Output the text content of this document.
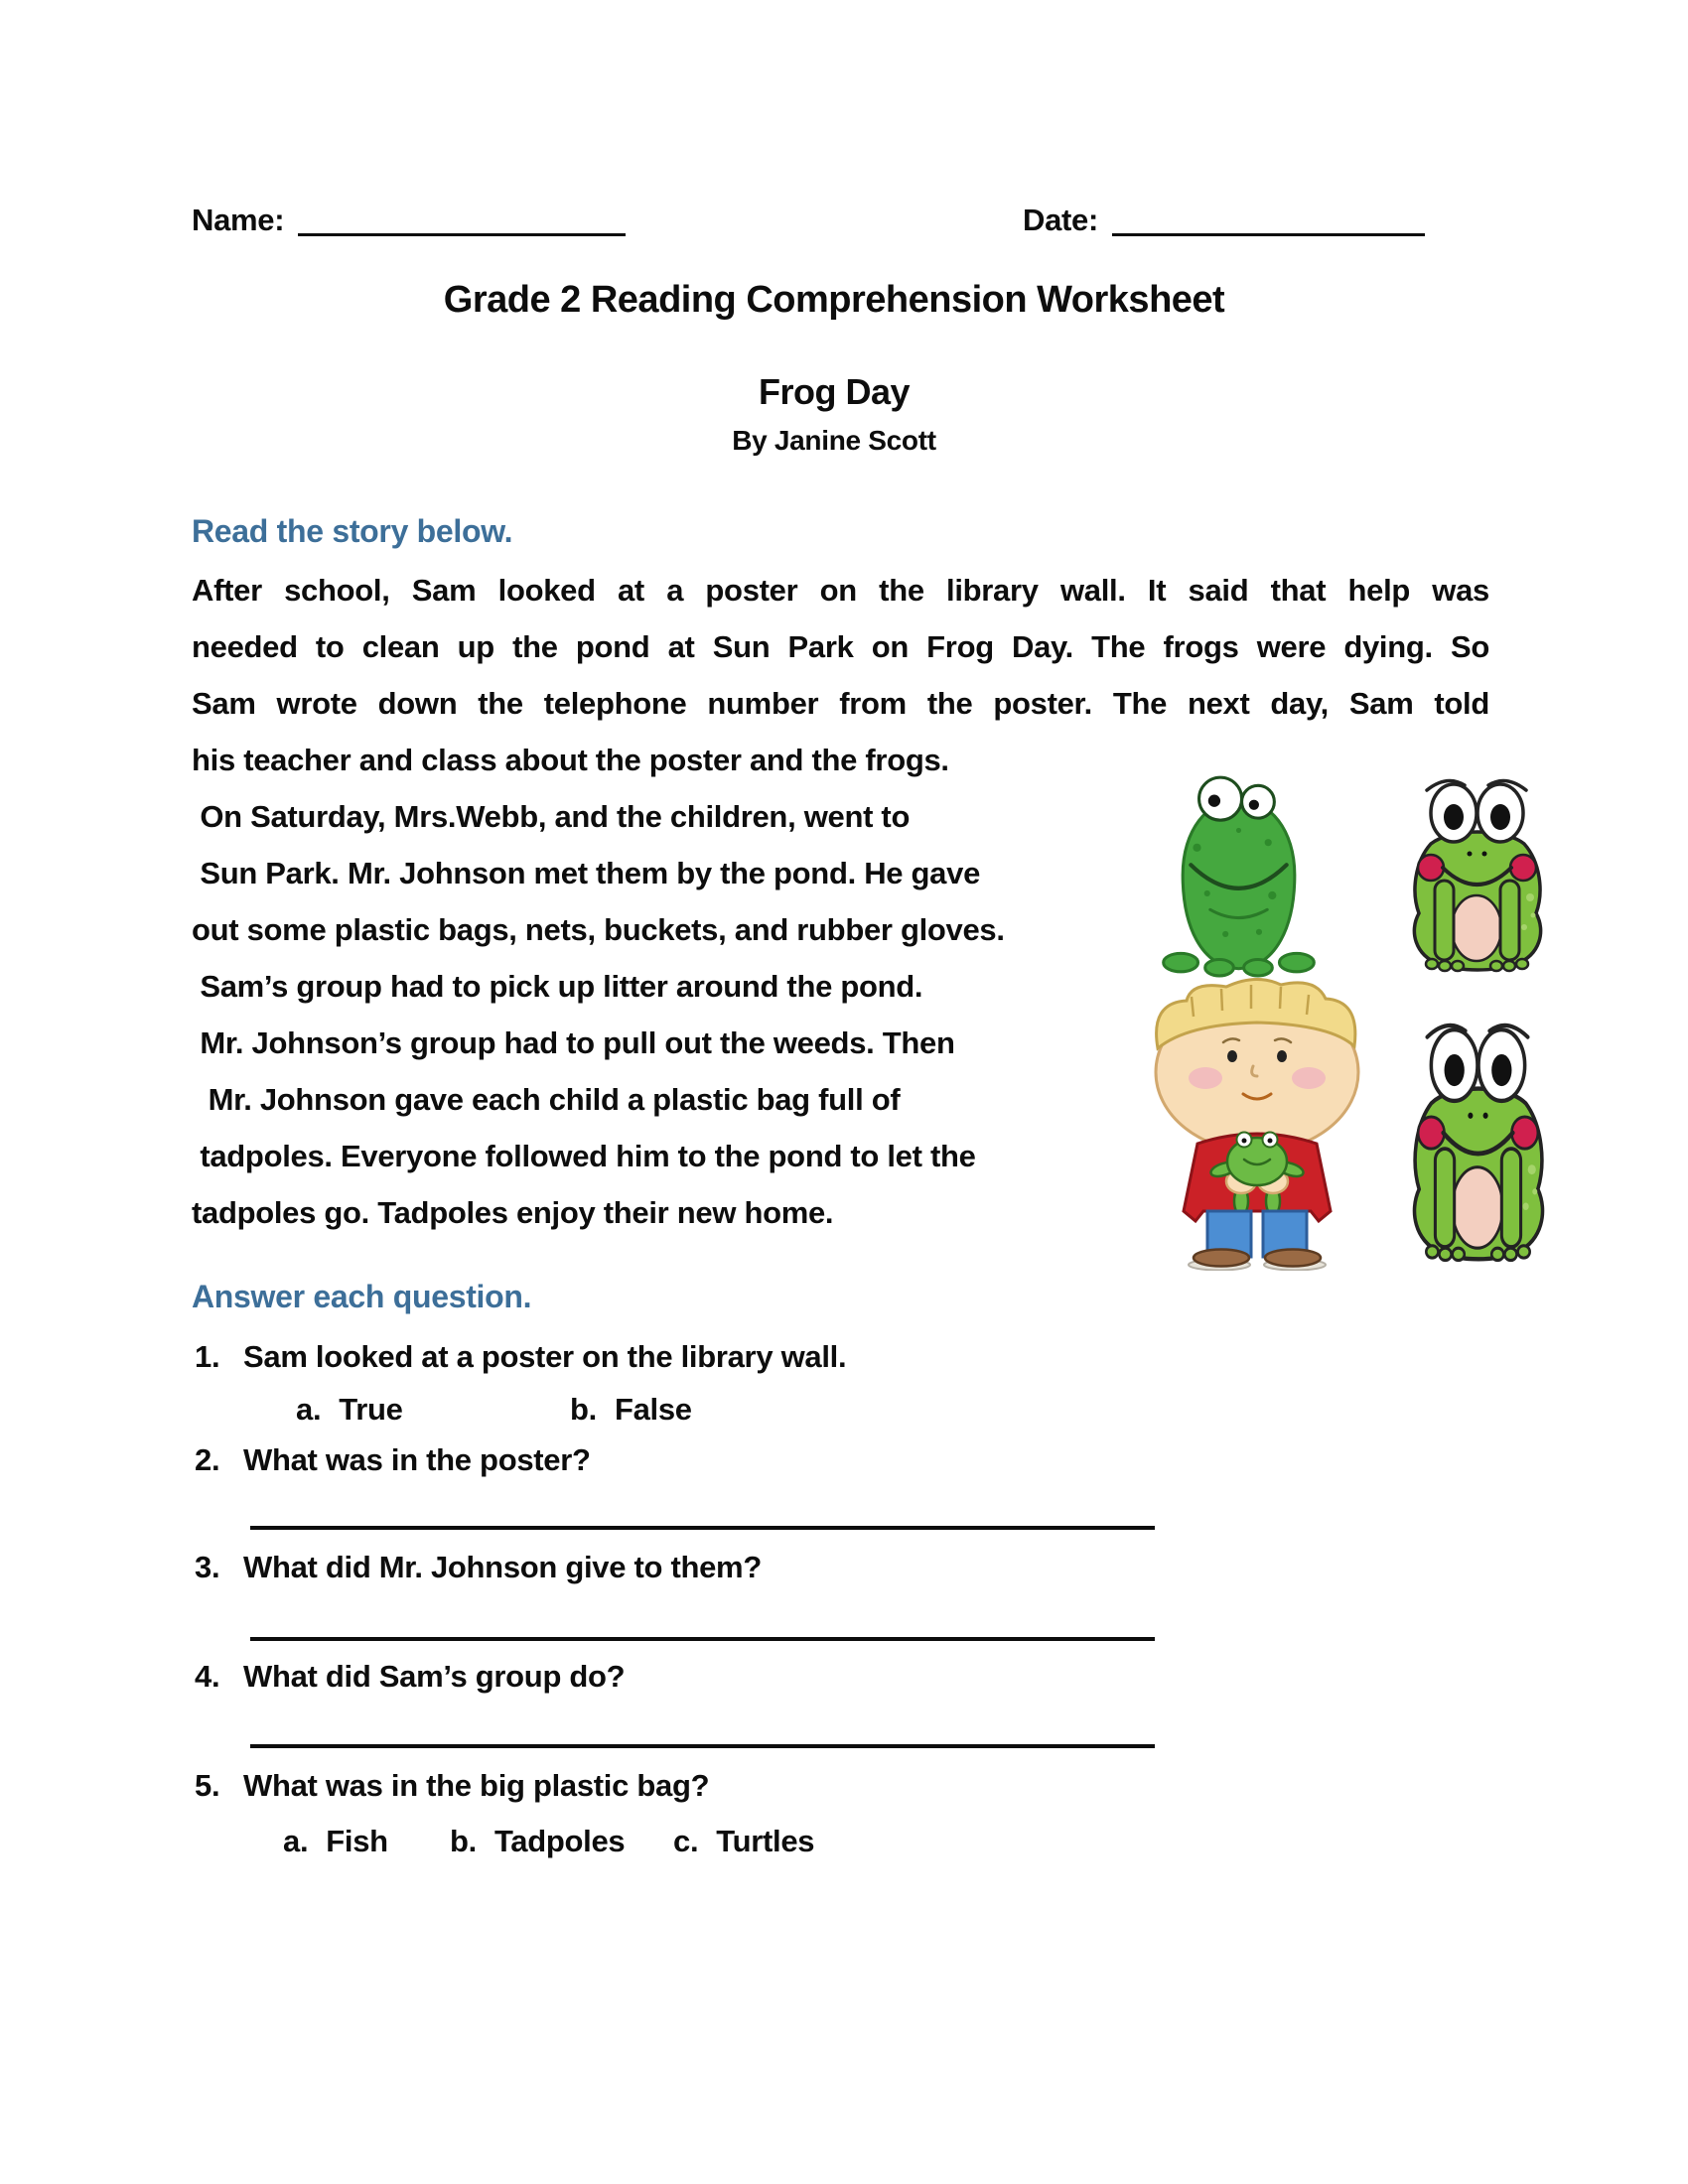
Name:	Date:
Grade 2 Reading Comprehension Worksheet
Frog Day
By Janine Scott
Read the story below.
After school, Sam looked at a poster on the library wall. It said that help was
needed to clean up the pond at Sun Park on Frog Day. The frogs were dying. So
Sam wrote down the telephone number from the poster. The next day, Sam told
his teacher and class about the poster and the frogs.
On Saturday, Mrs.Webb, and the children, went to
Sun Park. Mr. Johnson met them by the pond. He gave
out some plastic bags, nets, buckets, and rubber gloves.
Sam’s group had to pick up litter around the pond.
Mr. Johnson’s group had to pull out the weeds. Then
Mr. Johnson gave each child a plastic bag full of
tadpoles. Everyone followed him to the pond to let the
tadpoles go. Tadpoles enjoy their new home.
Answer each question.
1. Sam looked at a poster on the library wall.
a. True	b. False
2. What was in the poster?
3. What did Mr. Johnson give to them?
4. What did Sam’s group do?
5. What was in the big plastic bag?
a. Fish b. Tadpoles c. Turtles
